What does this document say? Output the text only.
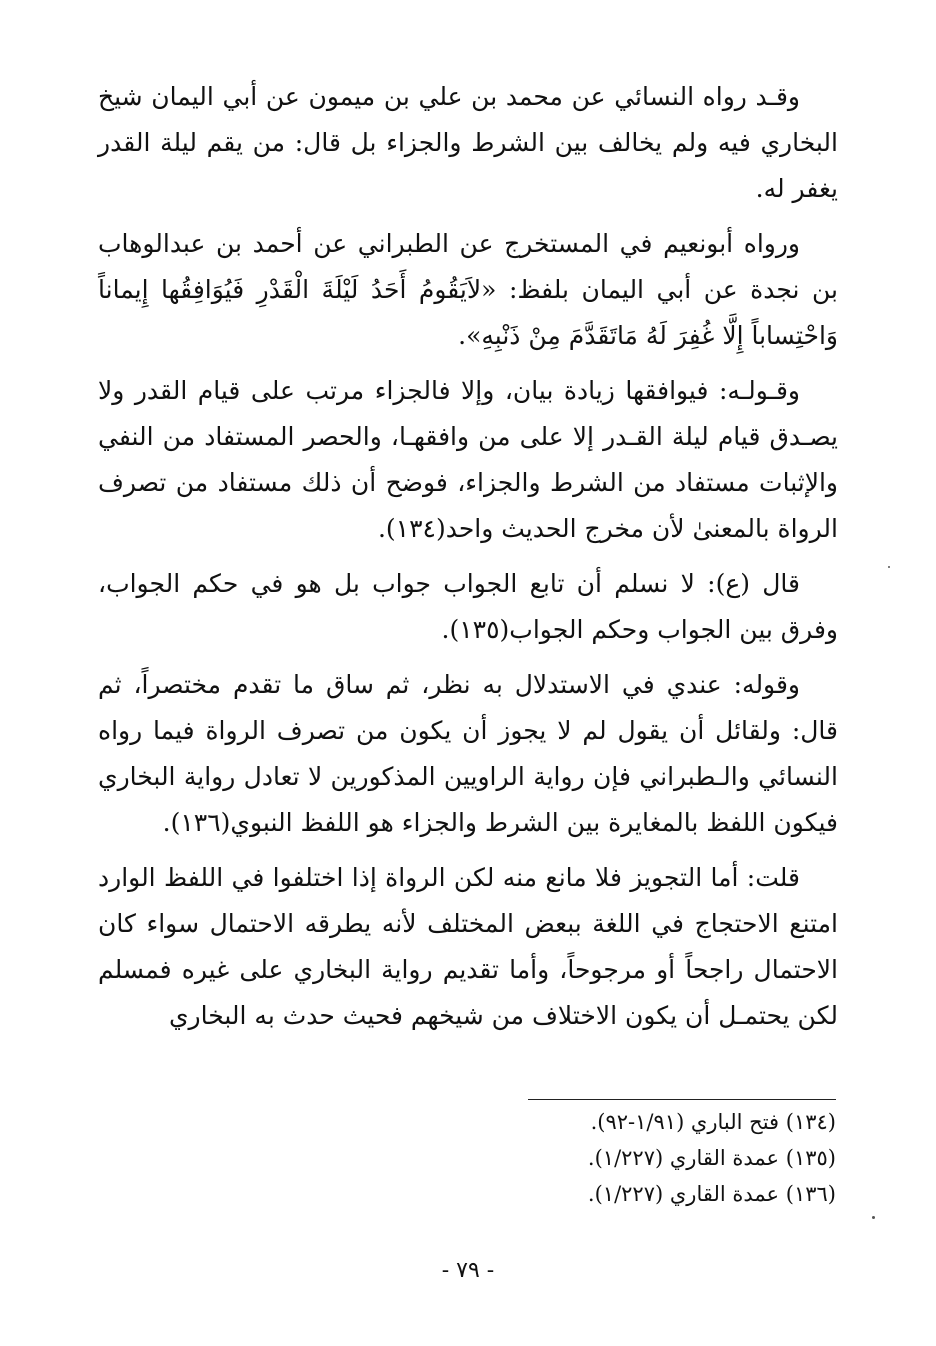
وقـد رواه النسائي عن محمد بن علي بن ميمون عن أبي اليمان شيخ البخاري فيه ولم يخالف بين الشرط والجزاء بل قال: من يقم ليلة القدر يغفر له.

ورواه أبونعيم في المستخرج عن الطبراني عن أحمد بن عبدالوهاب بن نجدة عن أبي اليمان بلفظ: «لاَيَقُومُ أَحَدُ لَيْلَةَ الْقَدْرِ فَيُوَافِقُها إِيماناً وَاحْتِساباً إِلَّا غُفِرَ لَهُ مَاتَقَدَّمَ مِنْ ذَنْبِهِ».

وقـولـه: فيوافقها زيادة بيان، وإلا فالجزاء مرتب على قيام القدر ولا يصـدق قيام ليلة القـدر إلا على من وافقهـا، والحصر المستفاد من النفي والإثبات مستفاد من الشرط والجزاء، فوضح أن ذلك مستفاد من تصرف الرواة بالمعنىٰ لأن مخرج الحديث واحد(١٣٤).

قال (ع): لا نسلم أن تابع الجواب جواب بل هو في حكم الجواب، وفرق بين الجواب وحكم الجواب(١٣٥).

وقوله: عندي في الاستدلال به نظر، ثم ساق ما تقدم مختصراً، ثم قال: ولقائل أن يقول لم لا يجوز أن يكون من تصرف الرواة فيما رواه النسائي والـطبراني فإن رواية الراويين المذكورين لا تعادل رواية البخاري فيكون اللفظ بالمغايرة بين الشرط والجزاء هو اللفظ النبوي(١٣٦).

قلت: أما التجويز فلا مانع منه لكن الرواة إذا اختلفوا في اللفظ الوارد امتنع الاحتجاج في اللغة ببعض المختلف لأنه يطرقه الاحتمال سواء كان الاحتمال راجحاً أو مرجوحاً، وأما تقديم رواية البخاري على غيره فمسلم لكن يحتمـل أن يكون الاختلاف من شيخهم فحيث حدث به البخاري

(١٣٤) فتح الباري (١/٩١-٩٢).

(١٣٥) عمدة القاري (١/٢٢٧).

(١٣٦) عمدة القاري (١/٢٢٧).

- ٧٩ -
